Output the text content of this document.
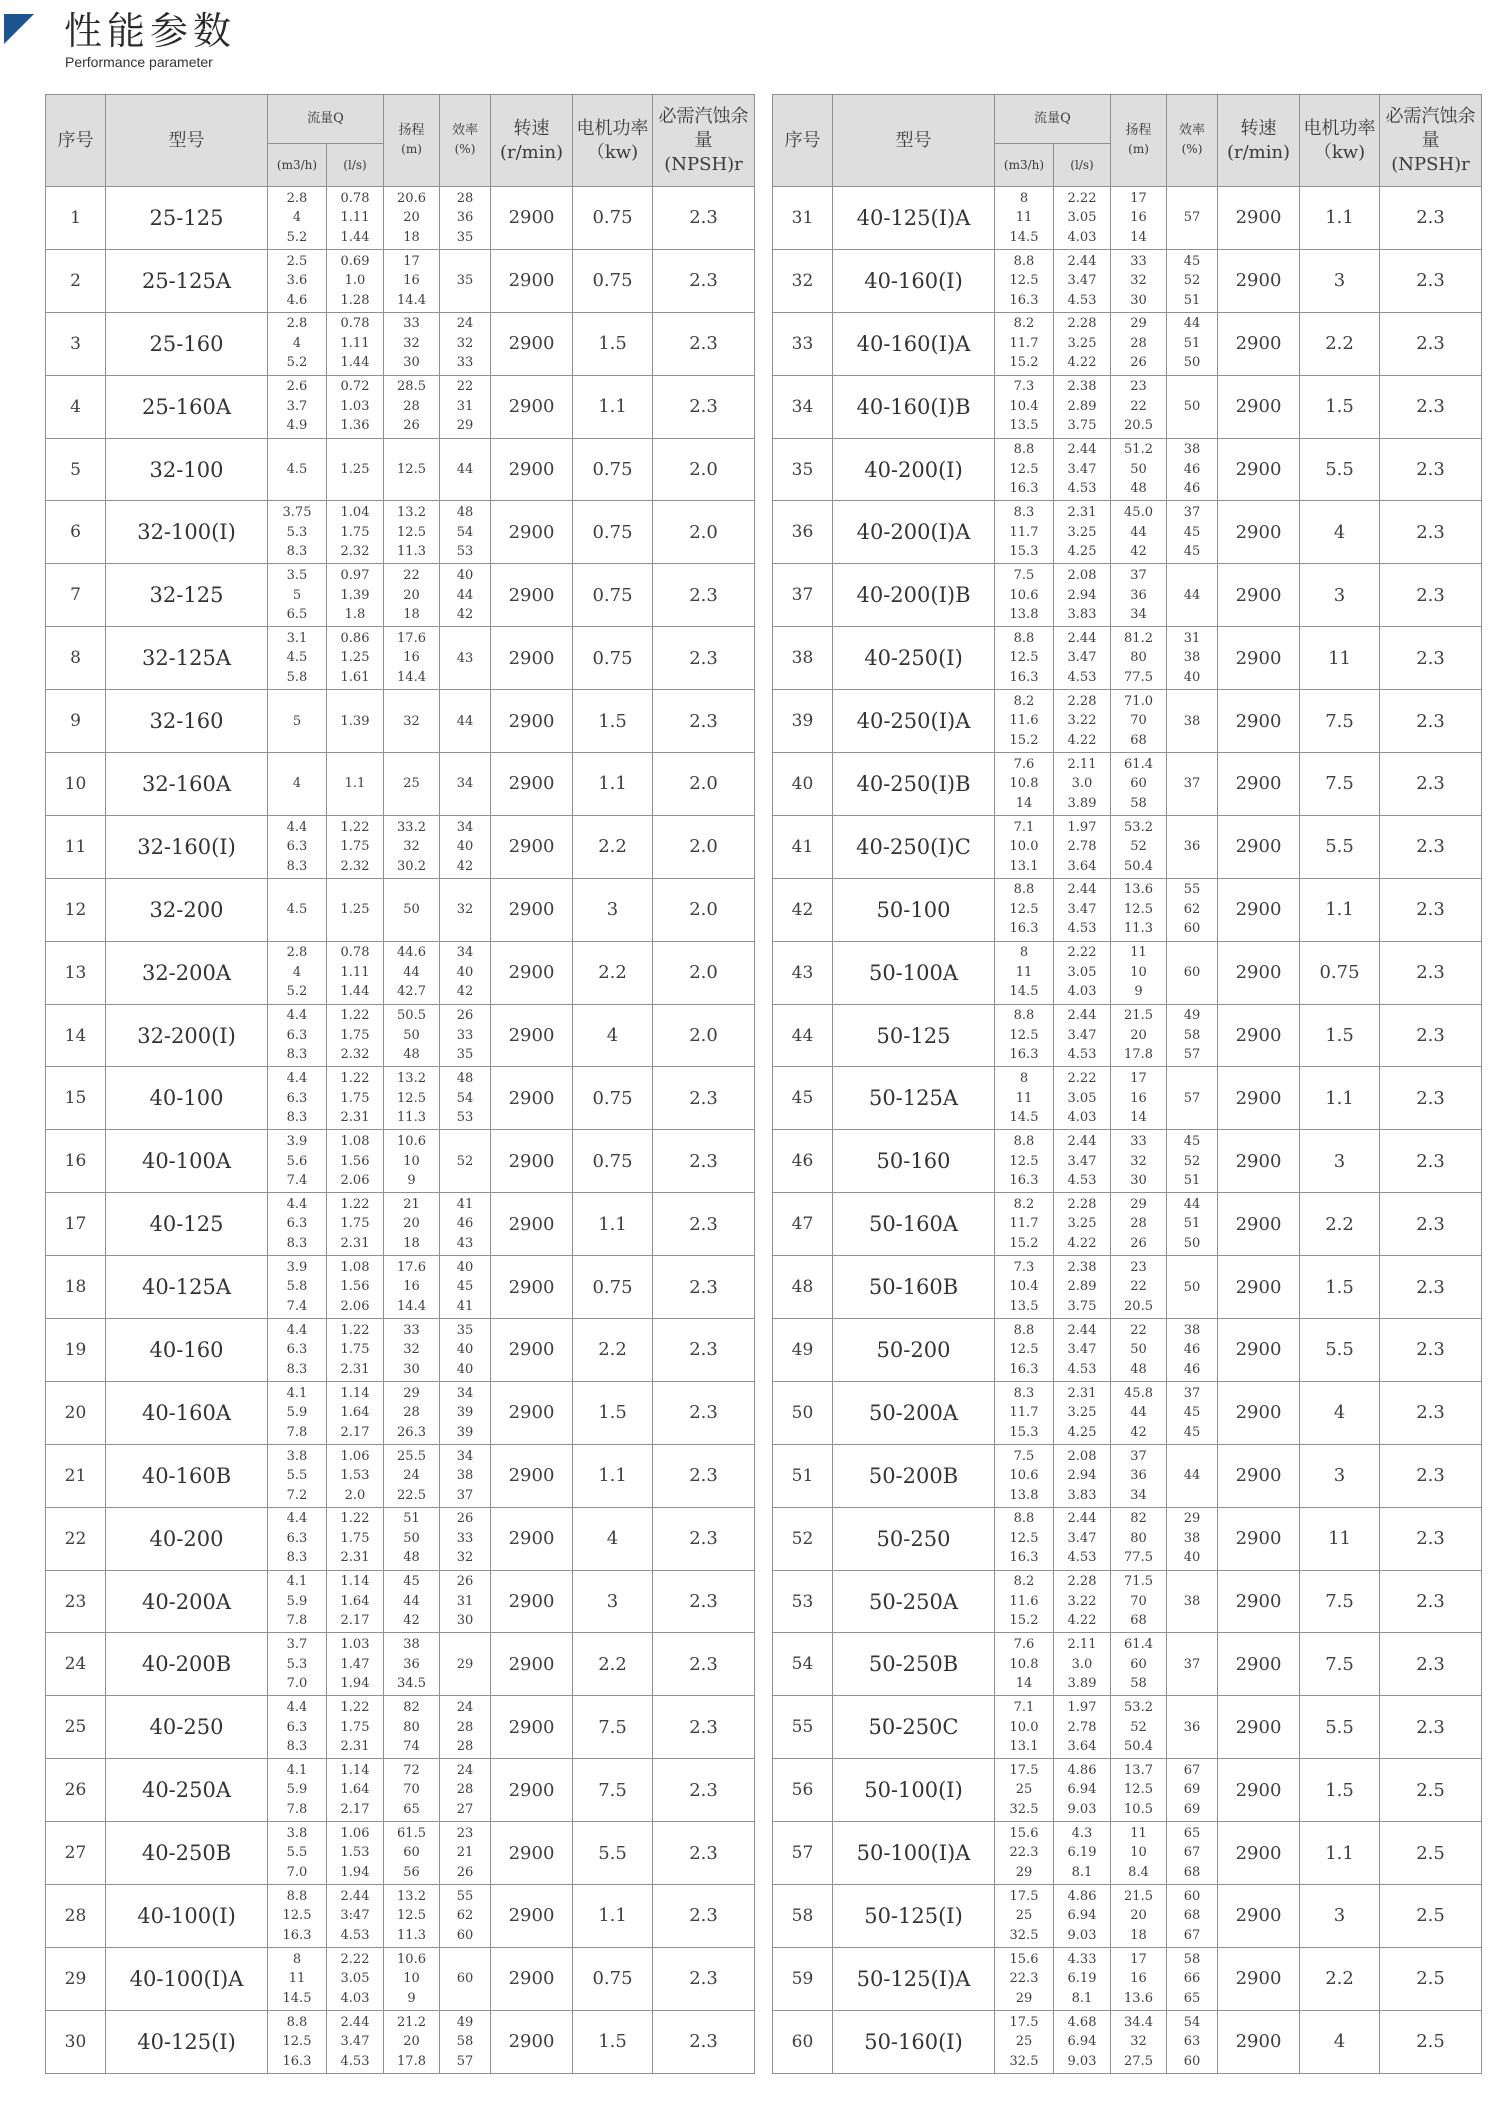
性能参数
Performance parameter
序号	型号	流量Q		扬程
(m)	效率
(%)	转速
(r/min)	电机功率（kw)	必需汽蚀余量
(NPSH)r
		(m3/h)	(l/s)					
1	25-125	2.8
4
5.2	0.78
1.11
1.44	20.6
20
18	28
36
35	2900	0.75	2.3
2	25-125A	2.5
3.6
4.6	0.69
1.0
1.28	17
16
14.4	35	2900	0.75	2.3
3	25-160	2.8
4
5.2	0.78
1.11
1.44	33
32
30	24
32
33	2900	1.5	2.3
4	25-160A	2.6
3.7
4.9	0.72
1.03
1.36	28.5
28
26	22
31
29	2900	1.1	2.3
5	32-100	4.5	1.25	12.5	44	2900	0.75	2.0
6	32-100(I)	3.75
5.3
8.3	1.04
1.75
2.32	13.2
12.5
11.3	48
54
53	2900	0.75	2.0
7	32-125	3.5
5
6.5	0.97
1.39
1.8	22
20
18	40
44
42	2900	0.75	2.3
8	32-125A	3.1
4.5
5.8	0.86
1.25
1.61	17.6
16
14.4	43	2900	0.75	2.3
9	32-160	5	1.39	32	44	2900	1.5	2.3
10	32-160A	4	1.1	25	34	2900	1.1	2.0
11	32-160(I)	4.4
6.3
8.3	1.22
1.75
2.32	33.2
32
30.2	34
40
42	2900	2.2	2.0
12	32-200	4.5	1.25	50	32	2900	3	2.0
13	32-200A	2.8
4
5.2	0.78
1.11
1.44	44.6
44
42.7	34
40
42	2900	2.2	2.0
14	32-200(I)	4.4
6.3
8.3	1.22
1.75
2.32	50.5
50
48	26
33
35	2900	4	2.0
15	40-100	4.4
6.3
8.3	1.22
1.75
2.31	13.2
12.5
11.3	48
54
53	2900	0.75	2.3
16	40-100A	3.9
5.6
7.4	1.08
1.56
2.06	10.6
10
9	52	2900	0.75	2.3
17	40-125	4.4
6.3
8.3	1.22
1.75
2.31	21
20
18	41
46
43	2900	1.1	2.3
18	40-125A	3.9
5.8
7.4	1.08
1.56
2.06	17.6
16
14.4	40
45
41	2900	0.75	2.3
19	40-160	4.4
6.3
8.3	1.22
1.75
2.31	33
32
30	35
40
40	2900	2.2	2.3
20	40-160A	4.1
5.9
7.8	1.14
1.64
2.17	29
28
26.3	34
39
39	2900	1.5	2.3
21	40-160B	3.8
5.5
7.2	1.06
1.53
2.0	25.5
24
22.5	34
38
37	2900	1.1	2.3
22	40-200	4.4
6.3
8.3	1.22
1.75
2.31	51
50
48	26
33
32	2900	4	2.3
23	40-200A	4.1
5.9
7.8	1.14
1.64
2.17	45
44
42	26
31
30	2900	3	2.3
24	40-200B	3.7
5.3
7.0	1.03
1.47
1.94	38
36
34.5	29	2900	2.2	2.3
25	40-250	4.4
6.3
8.3	1.22
1.75
2.31	82
80
74	24
28
28	2900	7.5	2.3
26	40-250A	4.1
5.9
7.8	1.14
1.64
2.17	72
70
65	24
28
27	2900	7.5	2.3
27	40-250B	3.8
5.5
7.0	1.06
1.53
1.94	61.5
60
56	23
21
26	2900	5.5	2.3
28	40-100(I)	8.8
12.5
16.3	2.44
3:47
4.53	13.2
12.5
11.3	55
62
60	2900	1.1	2.3
29	40-100(I)A	8
11
14.5	2.22
3.05
4.03	10.6
10
9	60	2900	0.75	2.3
30	40-125(I)	8.8
12.5
16.3	2.44
3.47
4.53	21.2
20
17.8	49
58
57	2900	1.5	2.3
序号	型号	流量Q		扬程
(m)	效率
(%)	转速
(r/min)	电机功率（kw)	必需汽蚀余量
(NPSH)r
		(m3/h)	(l/s)					
31	40-125(I)A	8
11
14.5	2.22
3.05
4.03	17
16
14	57	2900	1.1	2.3
32	40-160(I)	8.8
12.5
16.3	2.44
3.47
4.53	33
32
30	45
52
51	2900	3	2.3
33	40-160(I)A	8.2
11.7
15.2	2.28
3.25
4.22	29
28
26	44
51
50	2900	2.2	2.3
34	40-160(I)B	7.3
10.4
13.5	2.38
2.89
3.75	23
22
20.5	50	2900	1.5	2.3
35	40-200(I)	8.8
12.5
16.3	2.44
3.47
4.53	51.2
50
48	38
46
46	2900	5.5	2.3
36	40-200(I)A	8.3
11.7
15.3	2.31
3.25
4.25	45.0
44
42	37
45
45	2900	4	2.3
37	40-200(I)B	7.5
10.6
13.8	2.08
2.94
3.83	37
36
34	44	2900	3	2.3
38	40-250(I)	8.8
12.5
16.3	2.44
3.47
4.53	81.2
80
77.5	31
38
40	2900	11	2.3
39	40-250(I)A	8.2
11.6
15.2	2.28
3.22
4.22	71.0
70
68	38	2900	7.5	2.3
40	40-250(I)B	7.6
10.8
14	2.11
3.0
3.89	61.4
60
58	37	2900	7.5	2.3
41	40-250(I)C	7.1
10.0
13.1	1.97
2.78
3.64	53.2
52
50.4	36	2900	5.5	2.3
42	50-100	8.8
12.5
16.3	2.44
3.47
4.53	13.6
12.5
11.3	55
62
60	2900	1.1	2.3
43	50-100A	8
11
14.5	2.22
3.05
4.03	11
10
9	60	2900	0.75	2.3
44	50-125	8.8
12.5
16.3	2.44
3.47
4.53	21.5
20
17.8	49
58
57	2900	1.5	2.3
45	50-125A	8
11
14.5	2.22
3.05
4.03	17
16
14	57	2900	1.1	2.3
46	50-160	8.8
12.5
16.3	2.44
3.47
4.53	33
32
30	45
52
51	2900	3	2.3
47	50-160A	8.2
11.7
15.2	2.28
3.25
4.22	29
28
26	44
51
50	2900	2.2	2.3
48	50-160B	7.3
10.4
13.5	2.38
2.89
3.75	23
22
20.5	50	2900	1.5	2.3
49	50-200	8.8
12.5
16.3	2.44
3.47
4.53	22
50
48	38
46
46	2900	5.5	2.3
50	50-200A	8.3
11.7
15.3	2.31
3.25
4.25	45.8
44
42	37
45
45	2900	4	2.3
51	50-200B	7.5
10.6
13.8	2.08
2.94
3.83	37
36
34	44	2900	3	2.3
52	50-250	8.8
12.5
16.3	2.44
3.47
4.53	82
80
77.5	29
38
40	2900	11	2.3
53	50-250A	8.2
11.6
15.2	2.28
3.22
4.22	71.5
70
68	38	2900	7.5	2.3
54	50-250B	7.6
10.8
14	2.11
3.0
3.89	61.4
60
58	37	2900	7.5	2.3
55	50-250C	7.1
10.0
13.1	1.97
2.78
3.64	53.2
52
50.4	36	2900	5.5	2.3
56	50-100(I)	17.5
25
32.5	4.86
6.94
9.03	13.7
12.5
10.5	67
69
69	2900	1.5	2.5
57	50-100(I)A	15.6
22.3
29	4.3
6.19
8.1	11
10
8.4	65
67
68	2900	1.1	2.5
58	50-125(I)	17.5
25
32.5	4.86
6.94
9.03	21.5
20
18	60
68
67	2900	3	2.5
59	50-125(I)A	15.6
22.3
29	4.33
6.19
8.1	17
16
13.6	58
66
65	2900	2.2	2.5
60	50-160(I)	17.5
25
32.5	4.68
6.94
9.03	34.4
32
27.5	54
63
60	2900	4	2.5
